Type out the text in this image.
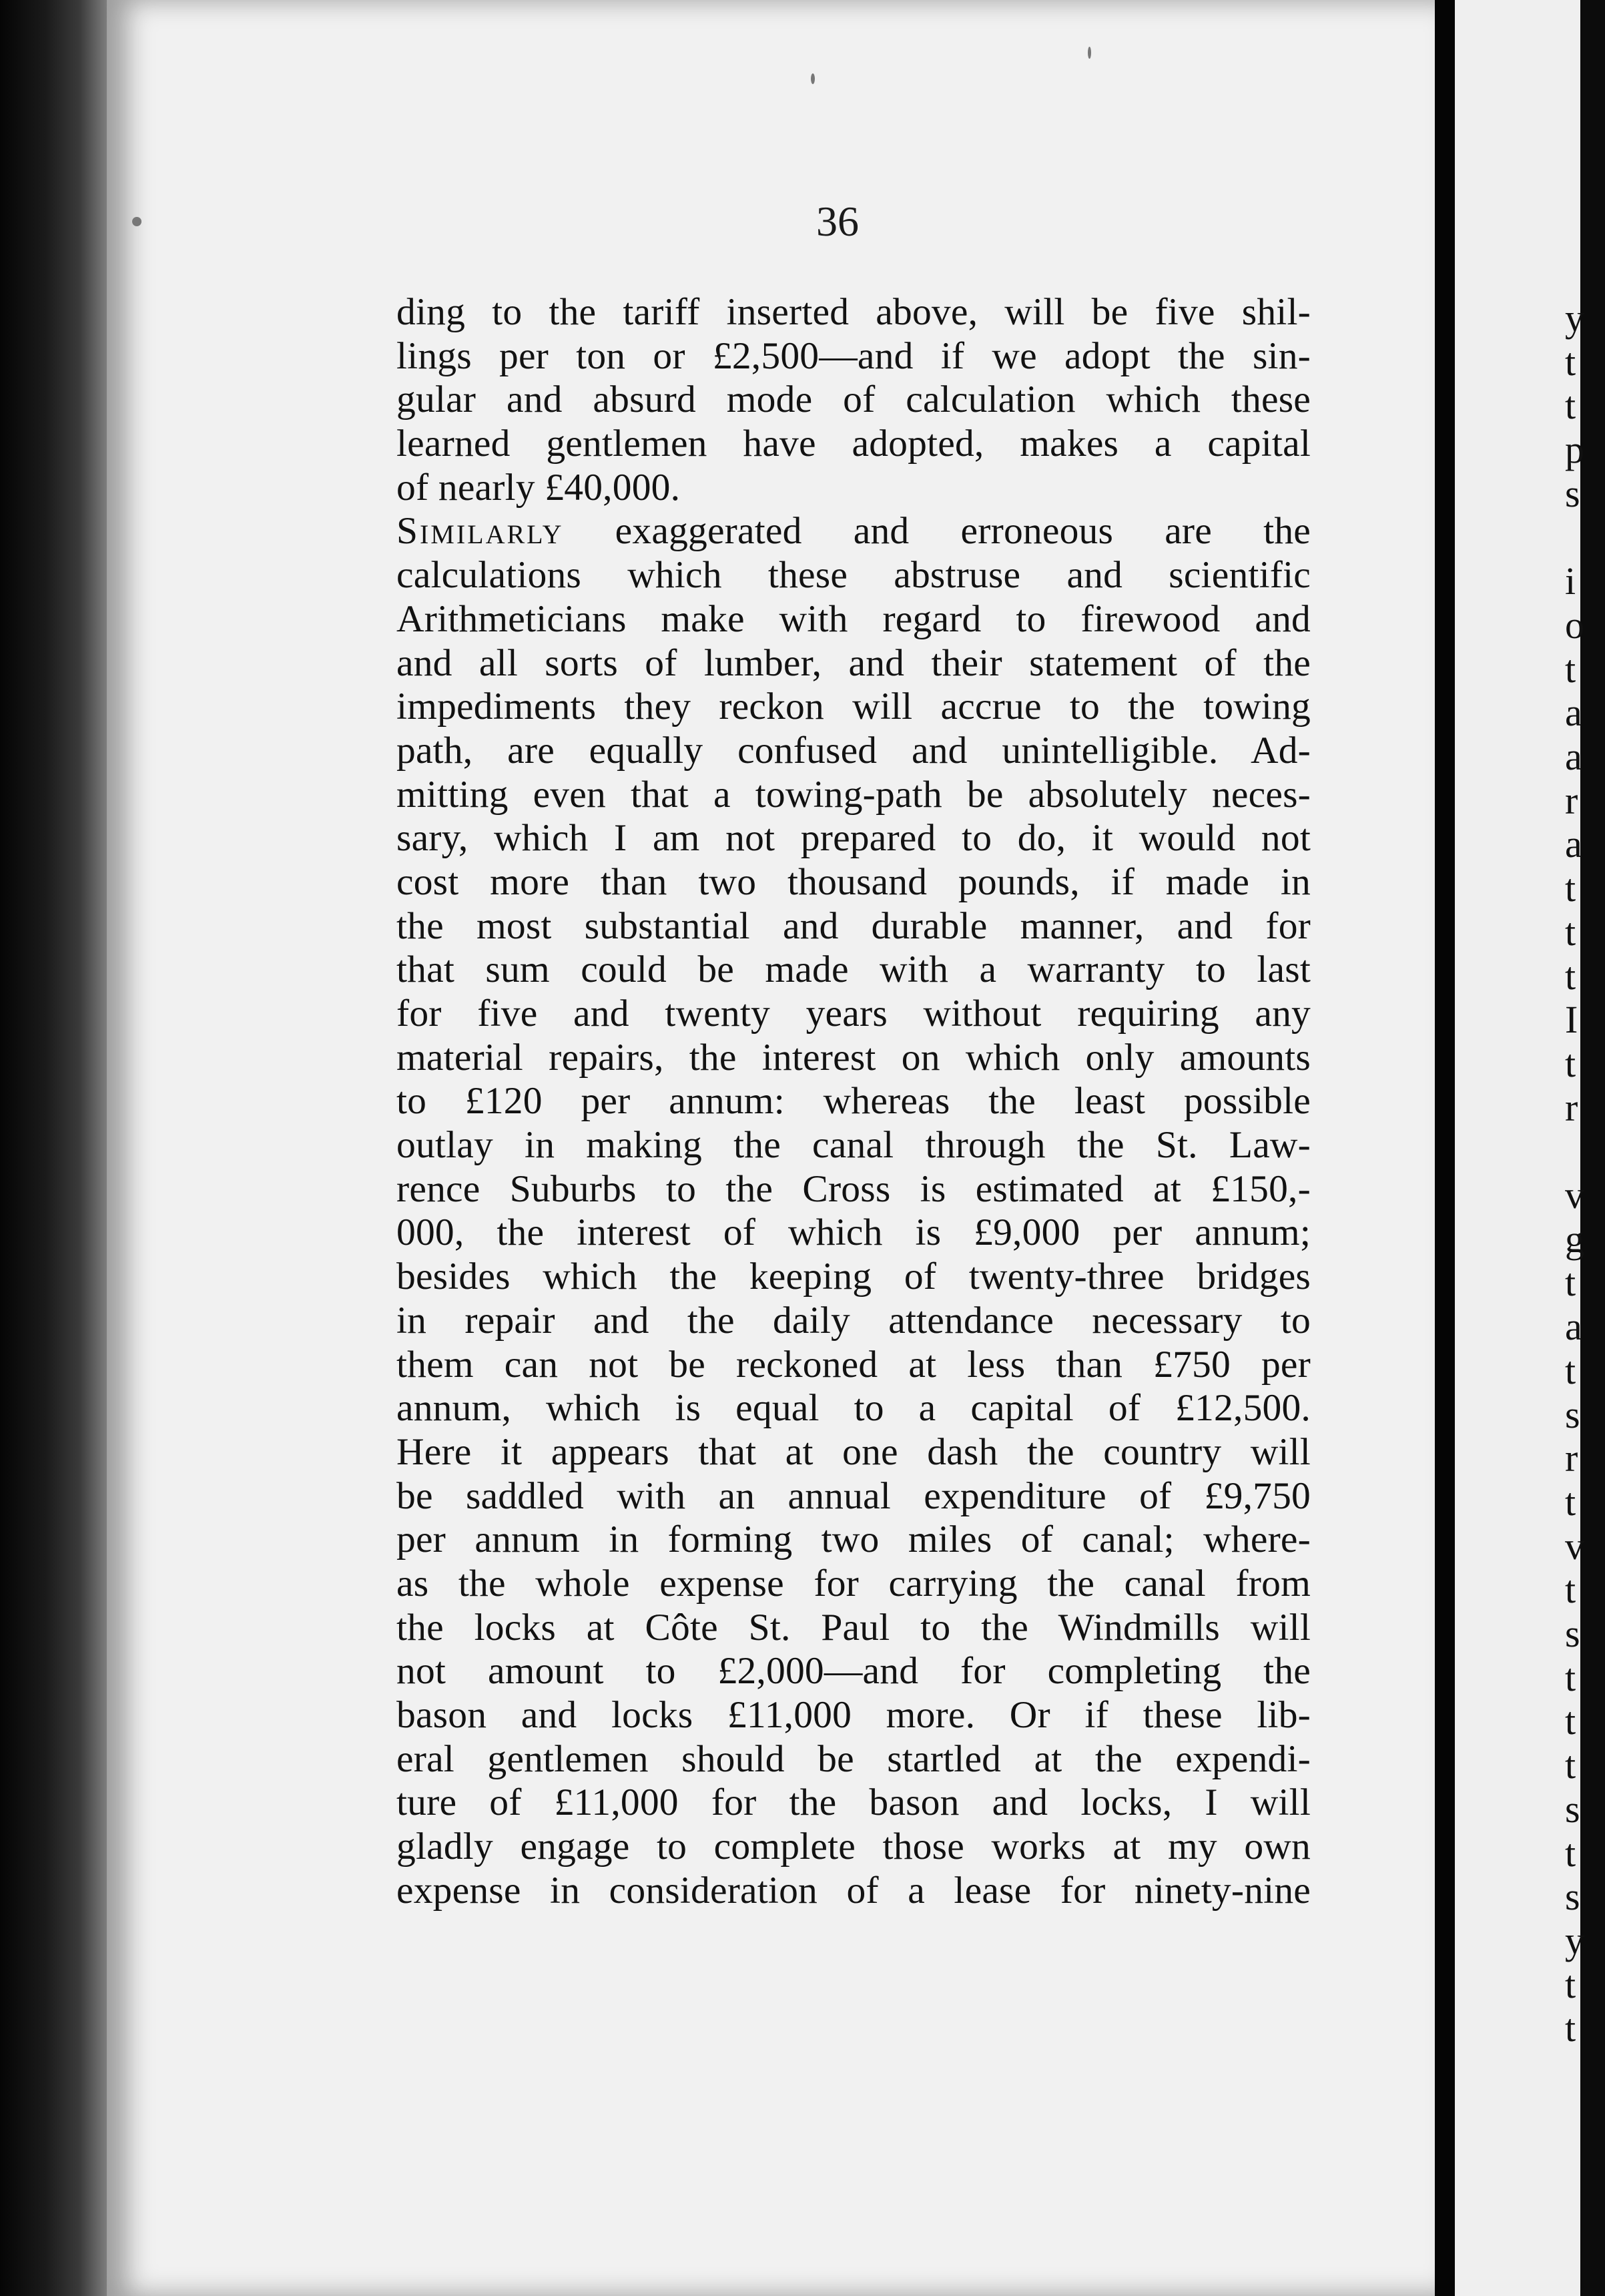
36
ding to the tariff inserted above, will be five shil-
lings per ton or £2,500—and if we adopt the sin-
gular and absurd mode of calculation which these
learned gentlemen have adopted, makes a capital
of nearly £40,000.
Similarly exaggerated and erroneous are the
calculations which these abstruse and scientific
Arithmeticians make with regard to firewood and
and all sorts of lumber, and their statement of the
impediments they reckon will accrue to the towing
path, are equally confused and unintelligible. Ad-
mitting even that a towing-path be absolutely neces-
sary, which I am not prepared to do, it would not
cost more than two thousand pounds, if made in
the most substantial and durable manner, and for
that sum could be made with a warranty to last
for five and twenty years without requiring any
material repairs, the interest on which only amounts
to £120 per annum: whereas the least possible
outlay in making the canal through the St. Law-
rence Suburbs to the Cross is estimated at £150,-
000, the interest of which is £9,000 per annum;
besides which the keeping of twenty-three bridges
in repair and the daily attendance necessary to
them can not be reckoned at less than £750 per
annum, which is equal to a capital of £12,500.
Here it appears that at one dash the country will
be saddled with an annual expenditure of £9,750
per annum in forming two miles of canal; where-
as the whole expense for carrying the canal from
the locks at Côte St. Paul to the Windmills will
not amount to £2,000—and for completing the
bason and locks £11,000 more. Or if these lib-
eral gentlemen should be startled at the expendi-
ture of £11,000 for the bason and locks, I will
gladly engage to complete those works at my own
expense in consideration of a lease for ninety-nine
y
t
t
p
s
i
o
t
a
a
r
a
t
t
t
I
t
r
v
g
t
a
t
s
r
t
v
t
s
t
t
t
s
t
s
y
t
t
